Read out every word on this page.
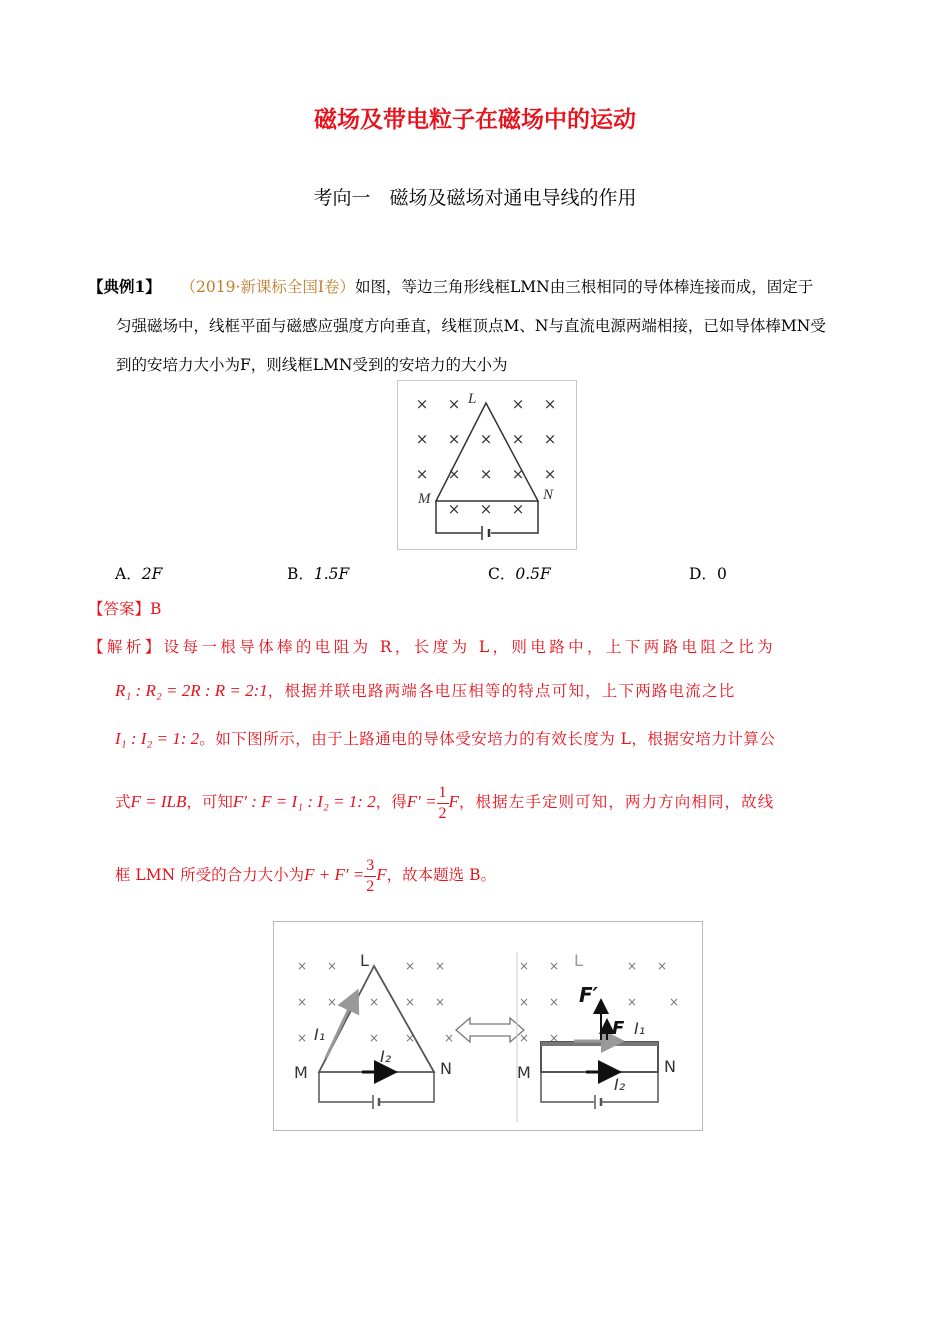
磁场及带电粒子在磁场中的运动
考向一　磁场及磁场对通电导线的作用
【典例1】 （2019·新课标全国Ⅰ卷）如图，等边三角形线框LMN由三根相同的导体棒连接而成，固定于
匀强磁场中，线框平面与磁感应强度方向垂直，线框顶点M、N与直流电源两端相接，已如导体棒MN受
到的安培力大小为F，则线框LMN受到的安培力的大小为
× ×	× ×
× × × × ×
× × × × ×
× × ×
L
M	N
A．2F	B．1.5F	C．0.5F	D．0
【答案】B
【解析】设每一根导体棒的电阻为 R，长度为 L，则电路中，上下两路电阻之比为
R₁ : R₂ = 2R : R = 2:1，根据并联电路两端各电压相等的特点可知，上下两路电流之比
I₁ : I₂ = 1: 2。如下图所示，由于上路通电的导体受安培力的有效长度为 L，根据安培力计算公
式F = ILB，可知F′ : F = I₁ : I₂ = 1: 2，得$F' = \frac{1}{2}$ F，根据左手定则可知，两力方向相同，故线
框 LMN 所受的合力大小为$F + F' = \frac{3}{2}$ F，故本题选 B。
× ×	× ×
× ×	× × ×
×	× × ×
L
M	N
I₁
I₂
× ×	× ×
× ×	×	×
× ×
L
M	N
F′
F I₁
I₂
